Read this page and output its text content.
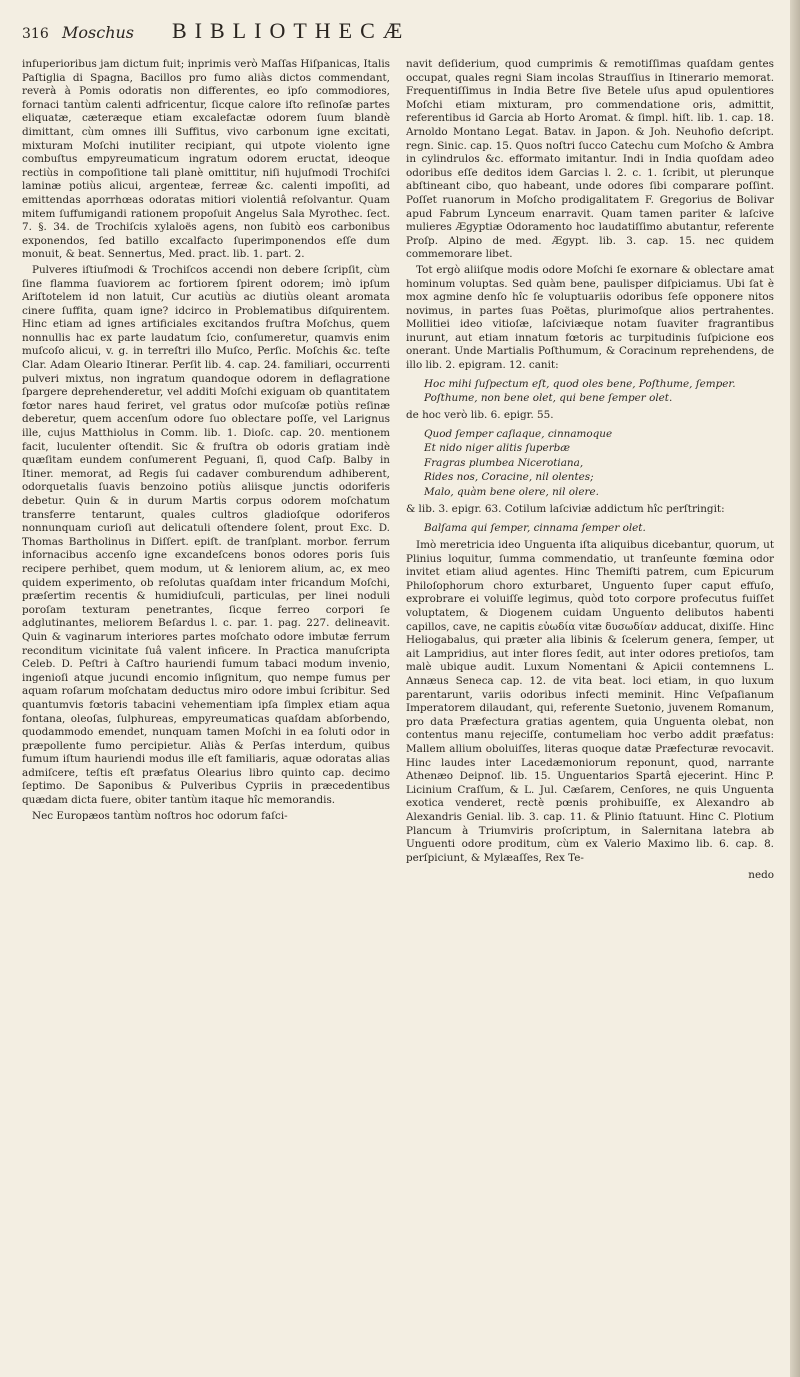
316 Moschus	BIBLIOTHECÆ

infuperioribus jam dictum fuit; inprimis verò Maſſas Hiſpanicas, Italis Paſtiglia di Spagna, Bacillos pro fumo aliàs dictos commendant, reverà à Pomis odoratis non differentes, eo ipſo commodiores, fornaci tantùm calenti adfricentur, ſicque calore iſto reſinoſæ partes eliquatæ, cæteræque etiam excalefactæ odorem ſuum blandè dimittant, cùm omnes illi Suffitus, vivo carbonum igne excitati, mixturam Moſchi inutiliter recipiant, qui utpote violento igne combuſtus empyreumaticum ingratum odorem eructat, ideoque rectiùs in compoſitione tali planè omittitur, niſi hujuſmodi Trochiſci laminæ potiùs alicui, argenteæ, ferreæ &c. calenti impoſiti, ad emittendas aporrhœas odoratas mitiori violentiâ reſolvantur. Quam mitem ſuffumigandi rationem propoſuit Angelus Sala Myrothec. ſect. 7. §. 34. de Trochiſcis xylaloës agens, non ſubitò eos carbonibus exponendos, ſed batillo excalfacto ſuperimponendos eſſe dum monuit, & beat. Sennertus, Med. pract. lib. 1. part. 2.

Pulveres iſtiuſmodi & Trochiſcos accendi non debere ſcripſit, cùm ſine flamma ſuaviorem ac fortiorem ſpirent odorem; imò ipſum Ariſtotelem id non latuit, Cur acutiùs ac diutiùs oleant aromata cinere ſuffita, quam igne? idcirco in Problematibus diſquirentem. Hinc etiam ad ignes artificiales excitandos fruſtra Moſchus, quem nonnullis hac ex parte laudatum ſcio, conſumeretur, quamvis enim muſcoſo alicui, v. g. in terreſtri illo Muſco, Perſic. Moſchis &c. teſte Clar. Adam Oleario Itinerar. Perſit lib. 4. cap. 24. familiari, occurrenti pulveri mixtus, non ingratum quandoque odorem in deflagratione ſpargere deprehenderetur, vel additi Moſchi exiguam ob quantitatem fœtor nares haud feriret, vel gratus odor muſcoſæ potiùs reſinæ deberetur, quem accenſum odore ſuo oblectare poſſe, vel Larignus ille, cujus Matthiolus in Comm. lib. 1. Dioſc. cap. 20. mentionem facit, luculenter oſtendit. Sic & fruſtra ob odoris gratiam indè quæſitam eundem conſumerent Peguani, ſi, quod Caſp. Balby in Itiner. memorat, ad Regis ſui cadaver comburendum adhiberent, odorquetalis ſuavis benzoino potiùs aliisque junctis odoriferis debetur. Quin & in durum Martis corpus odorem moſchatum transferre tentarunt, quales cultros gladioſque odoriferos nonnunquam curioſi aut delicatuli oſtendere ſolent, prout Exc. D. Thomas Bartholinus in Diſſert. epiſt. de tranſplant. morbor. ferrum infornacibus accenſo igne excandeſcens bonos odores poris ſuis recipere perhibet, quem modum, ut & leniorem alium, ac, ex meo quidem experimento, ob reſolutas quaſdam inter fricandum Moſchi, præſertim recentis & humidiuſculi, particulas, per linei noduli poroſam texturam penetrantes, ſicque ferreo corpori ſe adglutinantes, meliorem Beſardus l. c. par. 1. pag. 227. delineavit. Quin & vaginarum interiores partes moſchato odore imbutæ ferrum reconditum vicinitate ſuâ valent inficere. In Practica manuſcripta Celeb. D. Peſtri à Caſtro hauriendi fumum tabaci modum invenio, ingenioſi atque jucundi encomio inſignitum, quo nempe fumus per aquam roſarum moſchatam deductus miro odore imbui ſcribitur. Sed quantumvis fœtoris tabacini vehementiam ipſa ſimplex etiam aqua fontana, oleoſas, ſulphureas, empyreumaticas quaſdam abſorbendo, quodammodo emendet, nunquam tamen Moſchi in ea ſoluti odor in præpollente fumo percipietur. Aliàs & Perſas interdum, quibus fumum iſtum hauriendi modus ille eſt familiaris, aquæ odoratas alias admiſcere, teſtis eſt præfatus Olearius libro quinto cap. decimo ſeptimo. De Saponibus & Pulveribus Cypriis in præcedentibus quædam dicta fuere, obiter tantùm itaque hîc memorandis.

Nec Europæos tantùm noſtros hoc odorum faſci-

navit deſiderium, quod cumprimis & remotiſſimas quaſdam gentes occupat, quales regni Siam incolas Strauſſius in Itinerario memorat. Frequentiſſimus in India Betre ſive Betele uſus apud opulentiores Moſchi etiam mixturam, pro commendatione oris, admittit, referentibus id Garcia ab Horto Aromat. & ſimpl. hiſt. lib. 1. cap. 18. Arnoldo Montano Legat. Batav. in Japon. & Joh. Neuhofio deſcript. regn. Sinic. cap. 15. Quos noſtri ſucco Catechu cum Moſcho & Ambra in cylindrulos &c. efformato imitantur. Indi in India quoſdam adeo odoribus eſſe deditos idem Garcias l. 2. c. 1. ſcribit, ut plerunque abſtineant cibo, quo habeant, unde odores ſibi comparare poſſint. Poſſet ruanorum in Moſcho prodigalitatem F. Gregorius de Bolivar apud Fabrum Lynceum enarravit. Quam tamen pariter & laſcive mulieres Ægyptiæ Odoramento hoc laudatiſſimo abutantur, referente Proſp. Alpino de med. Ægypt. lib. 3. cap. 15. nec quidem commemorare libet.

Tot ergò aliiſque modis odore Moſchi ſe exornare & oblectare amat hominum voluptas. Sed quàm bene, paulisper diſpiciamus. Ubi ſat è mox agmine denſo hîc ſe voluptuariis odoribus ſeſe opponere nitos novimus, in partes ſuas Poëtas, plurimoſque alios pertrahentes. Mollitiei ideo vitioſæ, laſciviæque notam ſuaviter fragrantibus inurunt, aut etiam innatum fœtoris ac turpitudinis ſuſpicione eos onerant. Unde Martialis Poſthumum, & Coracinum reprehendens, de illo lib. 2. epigram. 12. canit:

Hoc mihi ſuſpectum eſt, quod oles bene, Poſthume, ſemper.
Poſthume, non bene olet, qui bene ſemper olet.

de hoc verò lib. 6. epigr. 55.

Quod ſemper caſiaque, cinnamoque
Et nido niger alitis ſuperbæ
Fragras plumbea Nicerotiana,
Rides nos, Coracine, nil olentes;
Malo, quàm bene olere, nil olere.

& lib. 3. epigr. 63. Cotilum laſciviæ addictum hîc perſtringit:

Balſama qui ſemper, cinnama ſemper olet.

Imò meretricia ideo Unguenta iſta aliquibus dicebantur, quorum, ut Plinius loquitur, ſumma commendatio, ut tranſeunte fœmina odor invitet etiam aliud agentes. Hinc Themiſti patrem, cum Epicurum Philoſophorum choro exturbaret, Unguento ſuper caput effuſo, exprobrare ei voluiſſe legimus, quòd toto corpore profecutus fuiſſet voluptatem, & Diogenem cuidam Unguento delibutos habenti capillos, cave, ne capitis εὐωδία vitæ δυσωδίαν adducat, dixiſſe. Hinc Heliogabalus, qui præter alia libinis & ſcelerum genera, ſemper, ut ait Lampridius, aut inter flores ſedit, aut inter odores pretioſos, tam malè ubique audit. Luxum Nomentani & Apicii contemnens L. Annæus Seneca cap. 12. de vita beat. loci etiam, in quo luxum parentarunt, variis odoribus infecti meminit. Hinc Veſpaſianum Imperatorem dilaudant, qui, referente Suetonio, juvenem Romanum, pro data Præfectura gratias agentem, quia Unguenta olebat, non contentus manu rejeciſſe, contumeliam hoc verbo addit præfatus: Mallem allium oboluiſſes, literas quoque datæ Præfecturæ revocavit. Hinc laudes inter Lacedæmoniorum reponunt, quod, narrante Athenæo Deipnoſ. lib. 15. Unguentarios Spartâ ejecerint. Hinc P. Licinium Craſſum, & L. Jul. Cæſarem, Cenſores, ne quis Unguenta exotica venderet, rectè pœnis prohibuiſſe, ex Alexandro ab Alexandris Genial. lib. 3. cap. 11. & Plinio ſtatuunt. Hinc C. Plotium Plancum à Triumviris proſcriptum, in Salernitana latebra ab Unguenti odore proditum, cùm ex Valerio Maximo lib. 6. cap. 8. perſpiciunt, & Mylæaſſes, Rex Te-

nedo
